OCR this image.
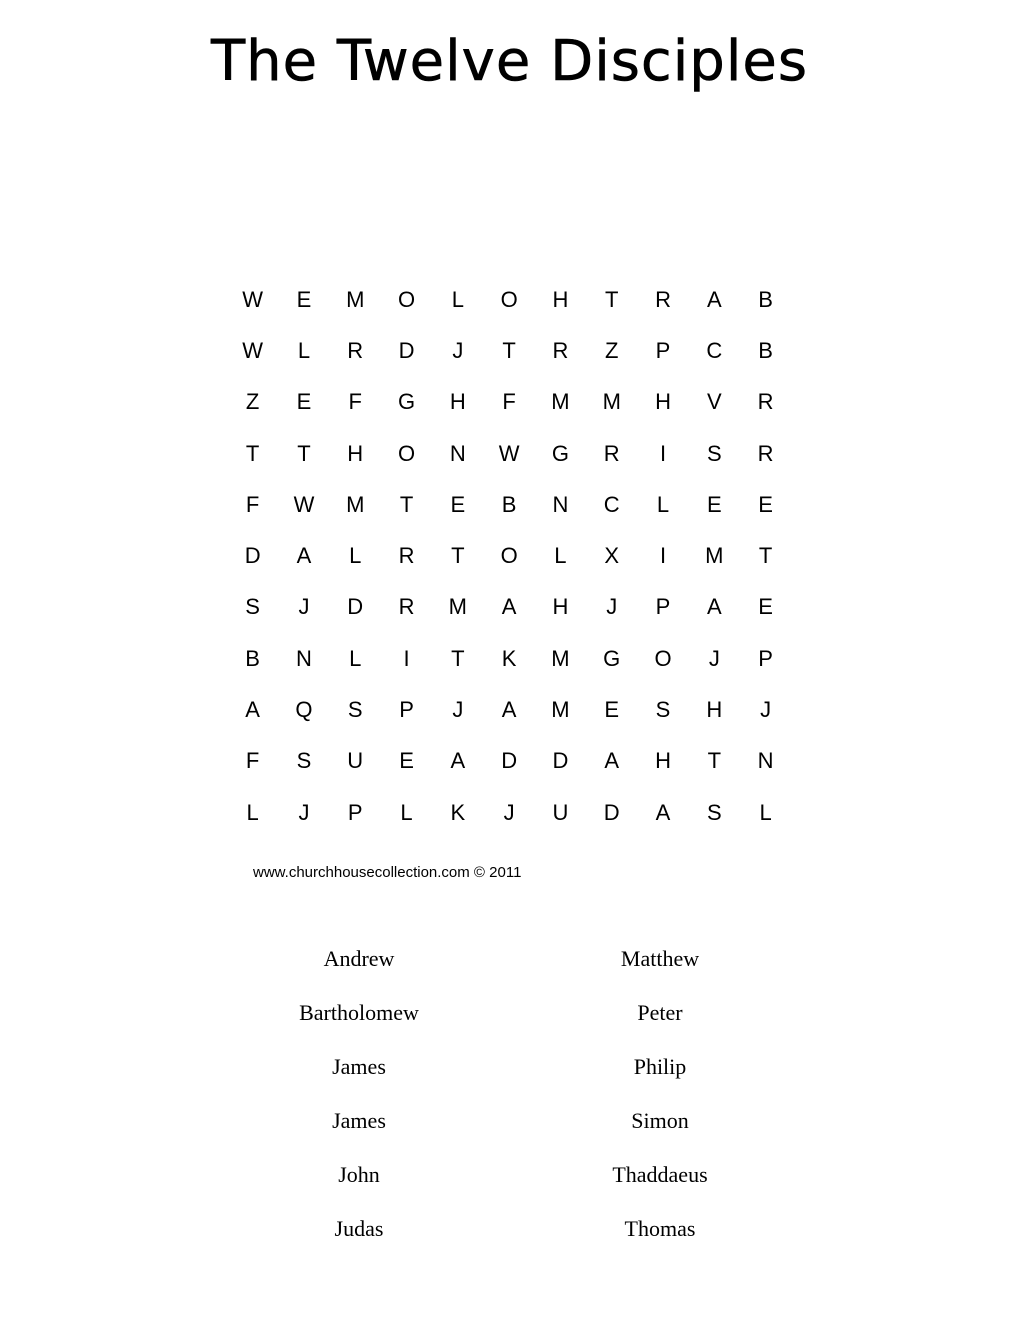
The Twelve Disciples
W	E	M	O	L	O	H	T	R	A	B
W	L	R	D	J	T	R	Z	P	C	B
Z	E	F	G	H	F	M	M	H	V	R
T	T	H	O	N	W	G	R	I	S	R
F	W	M	T	E	B	N	C	L	E	E
D	A	L	R	T	O	L	X	I	M	T
S	J	D	R	M	A	H	J	P	A	E
B	N	L	I	T	K	M	G	O	J	P
A	Q	S	P	J	A	M	E	S	H	J
F	S	U	E	A	D	D	A	H	T	N
L	J	P	L	K	J	U	D	A	S	L
www.churchhousecollection.com © 2011
Andrew
Bartholomew
James
James
John
Judas
Matthew
Peter
Philip
Simon
Thaddaeus
Thomas
